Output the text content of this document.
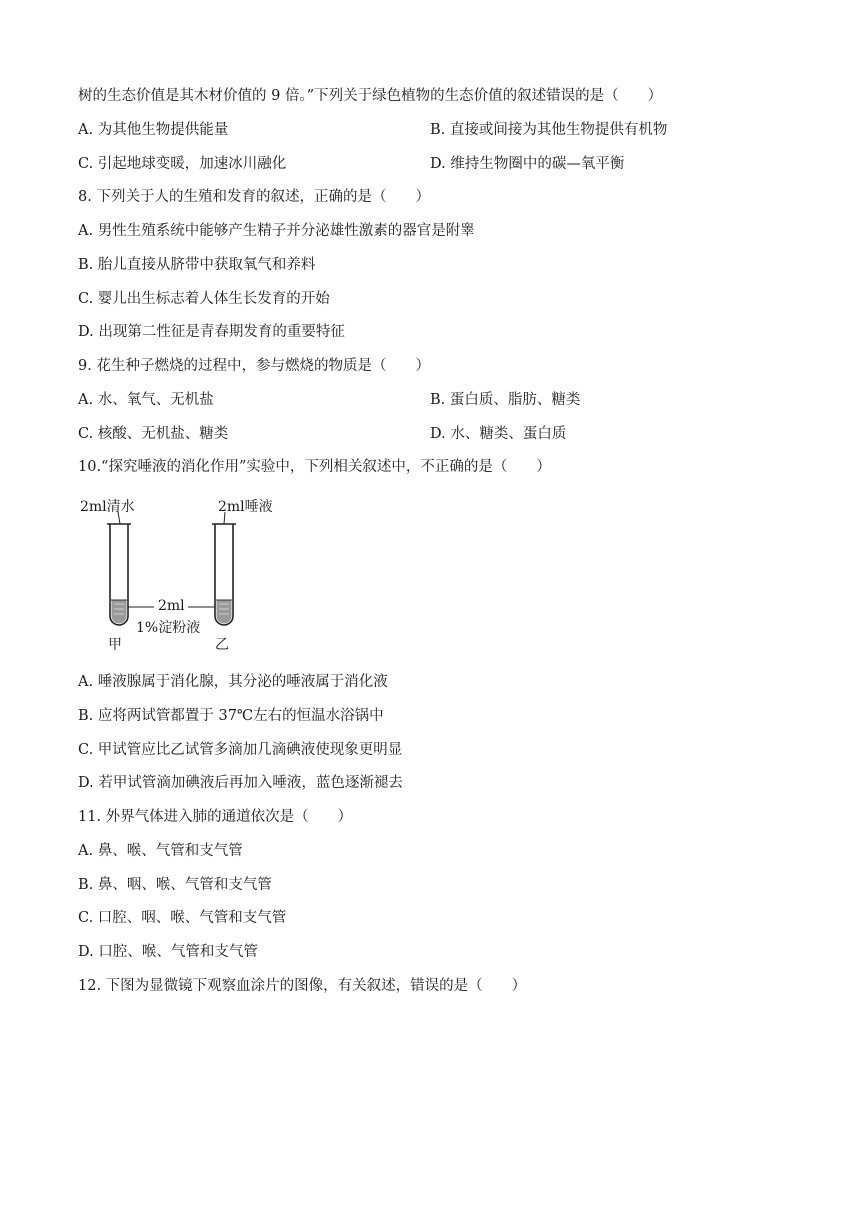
树的生态价值是其木材价值的 9 倍。”下列关于绿色植物的生态价值的叙述错误的是（　　）
A. 为其他生物提供能量	B. 直接或间接为其他生物提供有机物
C. 引起地球变暖，加速冰川融化	D. 维持生物圈中的碳—氧平衡
8. 下列关于人的生殖和发育的叙述，正确的是（　　）
A. 男性生殖系统中能够产生精子并分泌雄性激素的器官是附睾
B. 胎儿直接从脐带中获取氧气和养料
C. 婴儿出生标志着人体生长发育的开始
D. 出现第二性征是青春期发育的重要特征
9. 花生种子燃烧的过程中，参与燃烧的物质是（　　）
A. 水、氧气、无机盐	B. 蛋白质、脂肪、糖类
C. 核酸、无机盐、糖类	D. 水、糖类、蛋白质
10.“探究唾液的消化作用”实验中，下列相关叙述中，不正确的是（　　）
2ml清水	2ml唾液
2ml
1%淀粉液
甲	乙
A. 唾液腺属于消化腺，其分泌的唾液属于消化液
B. 应将两试管都置于 37℃左右的恒温水浴锅中
C. 甲试管应比乙试管多滴加几滴碘液使现象更明显
D. 若甲试管滴加碘液后再加入唾液，蓝色逐渐褪去
11. 外界气体进入肺的通道依次是（　　）
A. 鼻、喉、气管和支气管
B. 鼻、咽、喉、气管和支气管
C. 口腔、咽、喉、气管和支气管
D. 口腔、喉、气管和支气管
12. 下图为显微镜下观察血涂片的图像，有关叙述，错误的是（　　）
